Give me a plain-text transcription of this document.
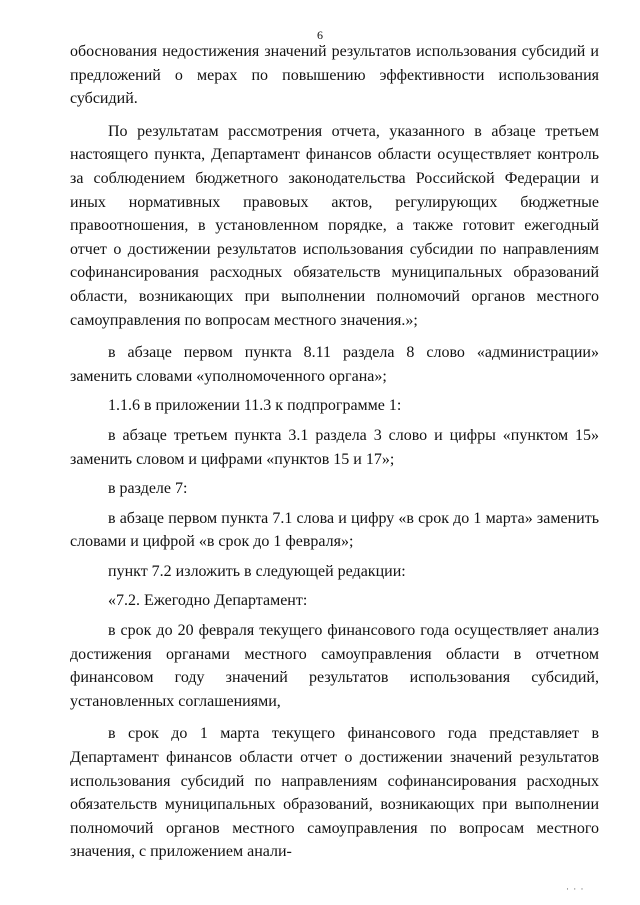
6

обоснования недостижения значений результатов использования субсидий и предложений о мерах по повышению эффективности использования субсидий.

По результатам рассмотрения отчета, указанного в абзаце третьем настоящего пункта, Департамент финансов области осуществляет контроль за соблюдением бюджетного законодательства Российской Федерации и иных нормативных правовых актов, регулирующих бюджетные правоотношения, в установленном порядке, а также готовит ежегодный отчет о достижении результатов использования субсидии по направлениям софинансирования расходных обязательств муниципальных образований области, возникающих при выполнении полномочий органов местного самоуправления по вопросам местного значения.»;

в абзаце первом пункта 8.11 раздела 8 слово «администрации» заменить словами «уполномоченного органа»;

1.1.6 в приложении 11.3 к подпрограмме 1:

в абзаце третьем пункта 3.1 раздела 3 слово и цифры «пунктом 15» заменить словом и цифрами «пунктов 15 и 17»;

в разделе 7:

в абзаце первом пункта 7.1 слова и цифру «в срок до 1 марта» заменить словами и цифрой «в срок до 1 февраля»;

пункт 7.2 изложить в следующей редакции:

«7.2. Ежегодно Департамент:

в срок до 20 февраля текущего финансового года осуществляет анализ достижения органами местного самоуправления области в отчетном финансовом году значений результатов использования субсидий, установленных соглашениями,

в срок до 1 марта текущего финансового года представляет в Департамент финансов области отчет о достижении значений результатов использования субсидий по направлениям софинансирования расходных обязательств муниципальных образований, возникающих при выполнении полномочий органов местного самоуправления по вопросам местного значения, с приложением анали-

· · ·
